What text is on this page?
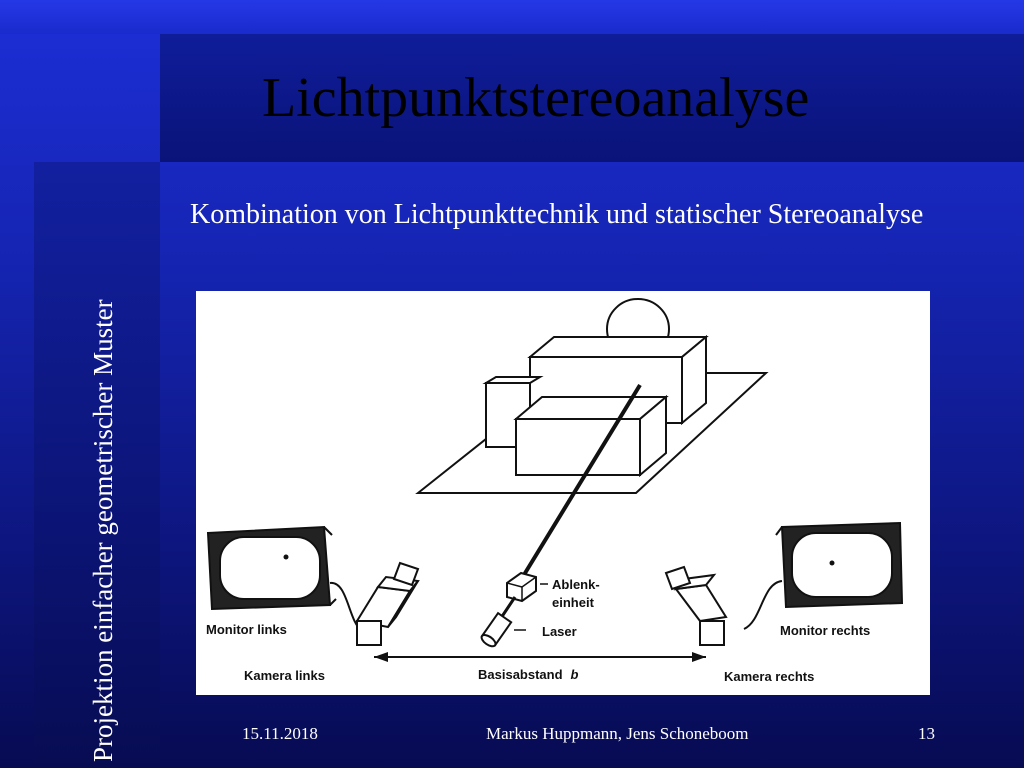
Lichtpunktstereoanalyse
Projektion einfacher geometrischer Muster

Kombination von Lichtpunkttechnik und statischer Stereoanalyse

Ablenk-
einheit
Laser
Monitor links	Monitor rechts
Kamera links	Kamera rechts
Basisabstand b
15.11.2018	Markus Huppmann, Jens Schoneboom	13
